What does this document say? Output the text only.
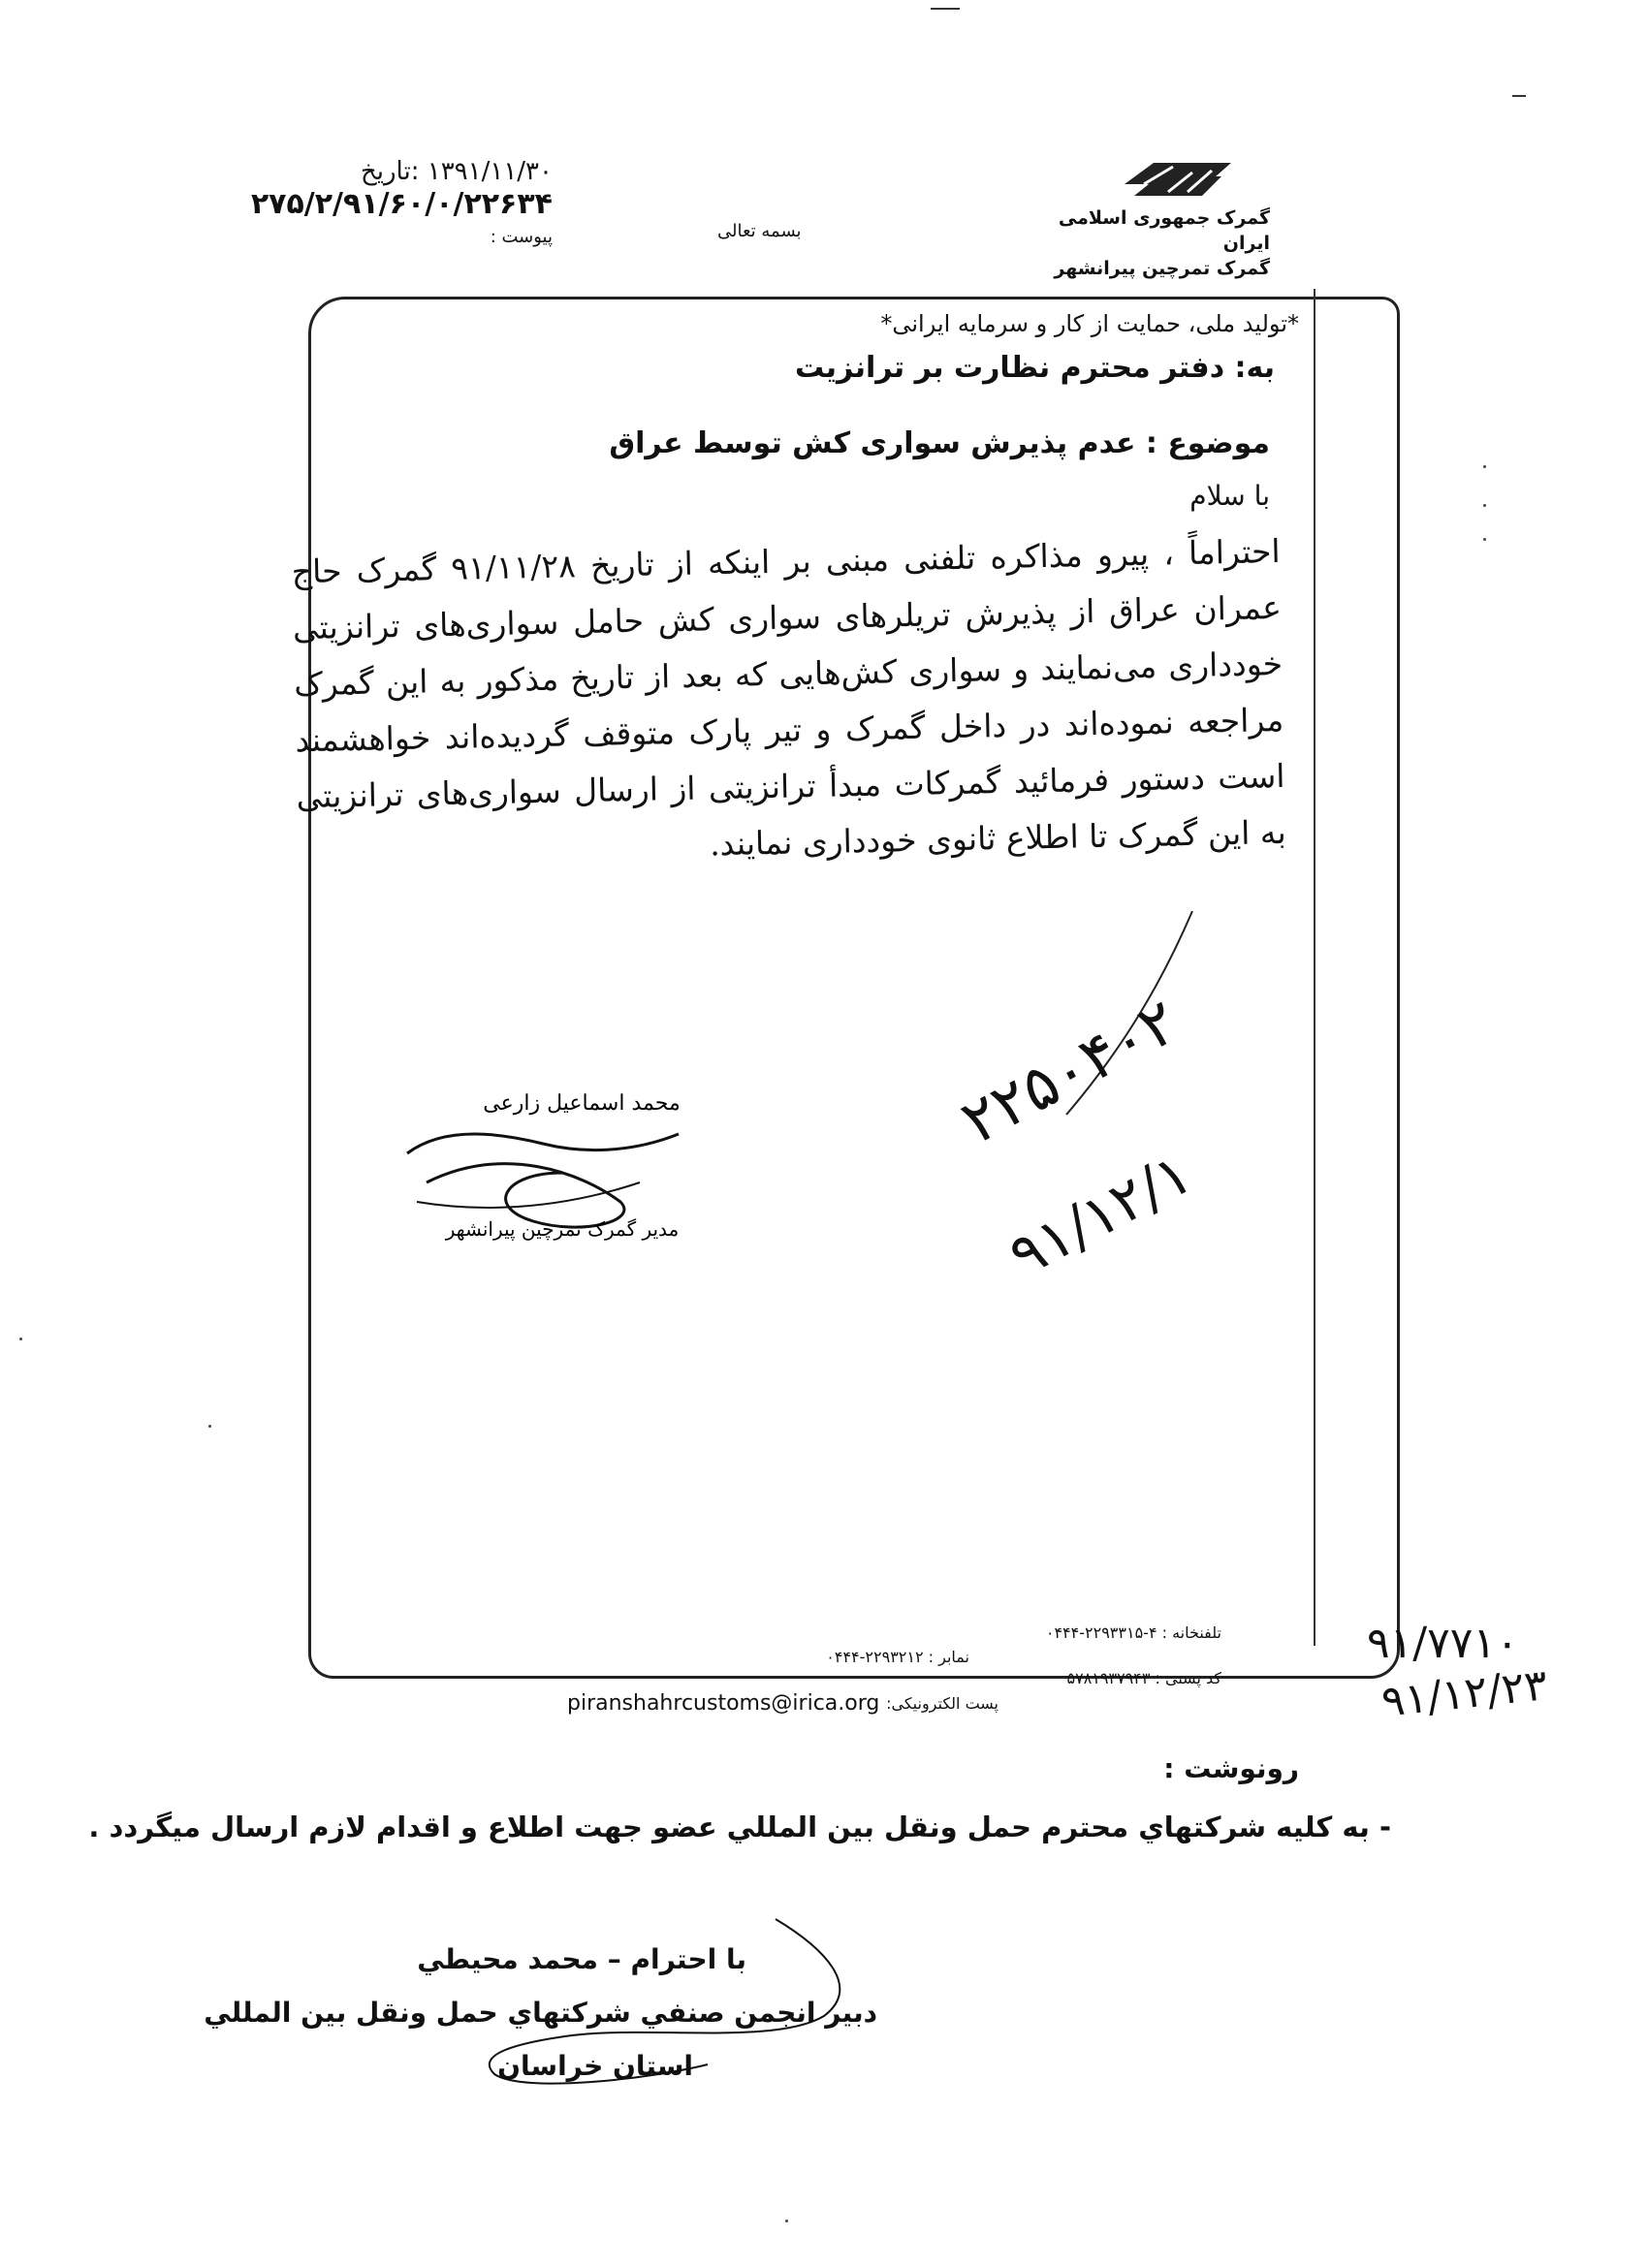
۱۳۹۱/۱۱/۳۰ :تاریخ
۲۷۵/۲/۹۱/۶۰/۰/۲۲۶۳۴
پیوست :	بسمه تعالی
گمرک جمهوری اسلامی ایران
گمرک تمرچین پیرانشهر
*تولید ملی، حمایت از کار و سرمایه ایرانی*
به: دفتر محترم نظارت بر ترانزیت
موضوع : عدم پذیرش سواری کش توسط عراق
با سلام
احتراماً ، پیرو مذاکره تلفنی مبنی بر اینکه از تاریخ ۹۱/۱۱/۲۸ گمرک حاج عمران عراق از پذیرش تریلرهای سواری کش حامل سواری‌های ترانزیتی خودداری می‌نمایند و سواری کش‌هایی که بعد از تاریخ مذکور به این گمرک مراجعه نموده‌اند در داخل گمرک و تیر پارک متوقف گردیده‌اند خواهشمند است دستور فرمائید گمرکات مبدأ ترانزیتی از ارسال سواری‌های ترانزیتی به این گمرک تا اطلاع ثانوی خودداری نمایند.
محمد اسماعیل زارعی
مدیر گمرک تمرچین پیرانشهر
۲۲۵۰۴۰۲
۹۱/۱۲/۱
تلفنخانه : ۴-۲۲۹۳۳۱۵-۰۴۴۴
نمابر : ۲۲۹۳۲۱۲-۰۴۴۴
کد پستی : ۵۷۸۱۹۳۷۹۴۳
پست الکترونیکی:
piranshahrcustoms@irica.org
۹۱/۷۷۱۰
۹۱/۱۲/۲۳
رونوشت :
- به كليه شركتهاي محترم حمل ونقل بين المللي عضو جهت اطلاع و اقدام لازم ارسال ميگردد .
با احترام – محمد محيطي
دبير انجمن صنفي شركتهاي حمل ونقل بين المللي
استان خراسان
